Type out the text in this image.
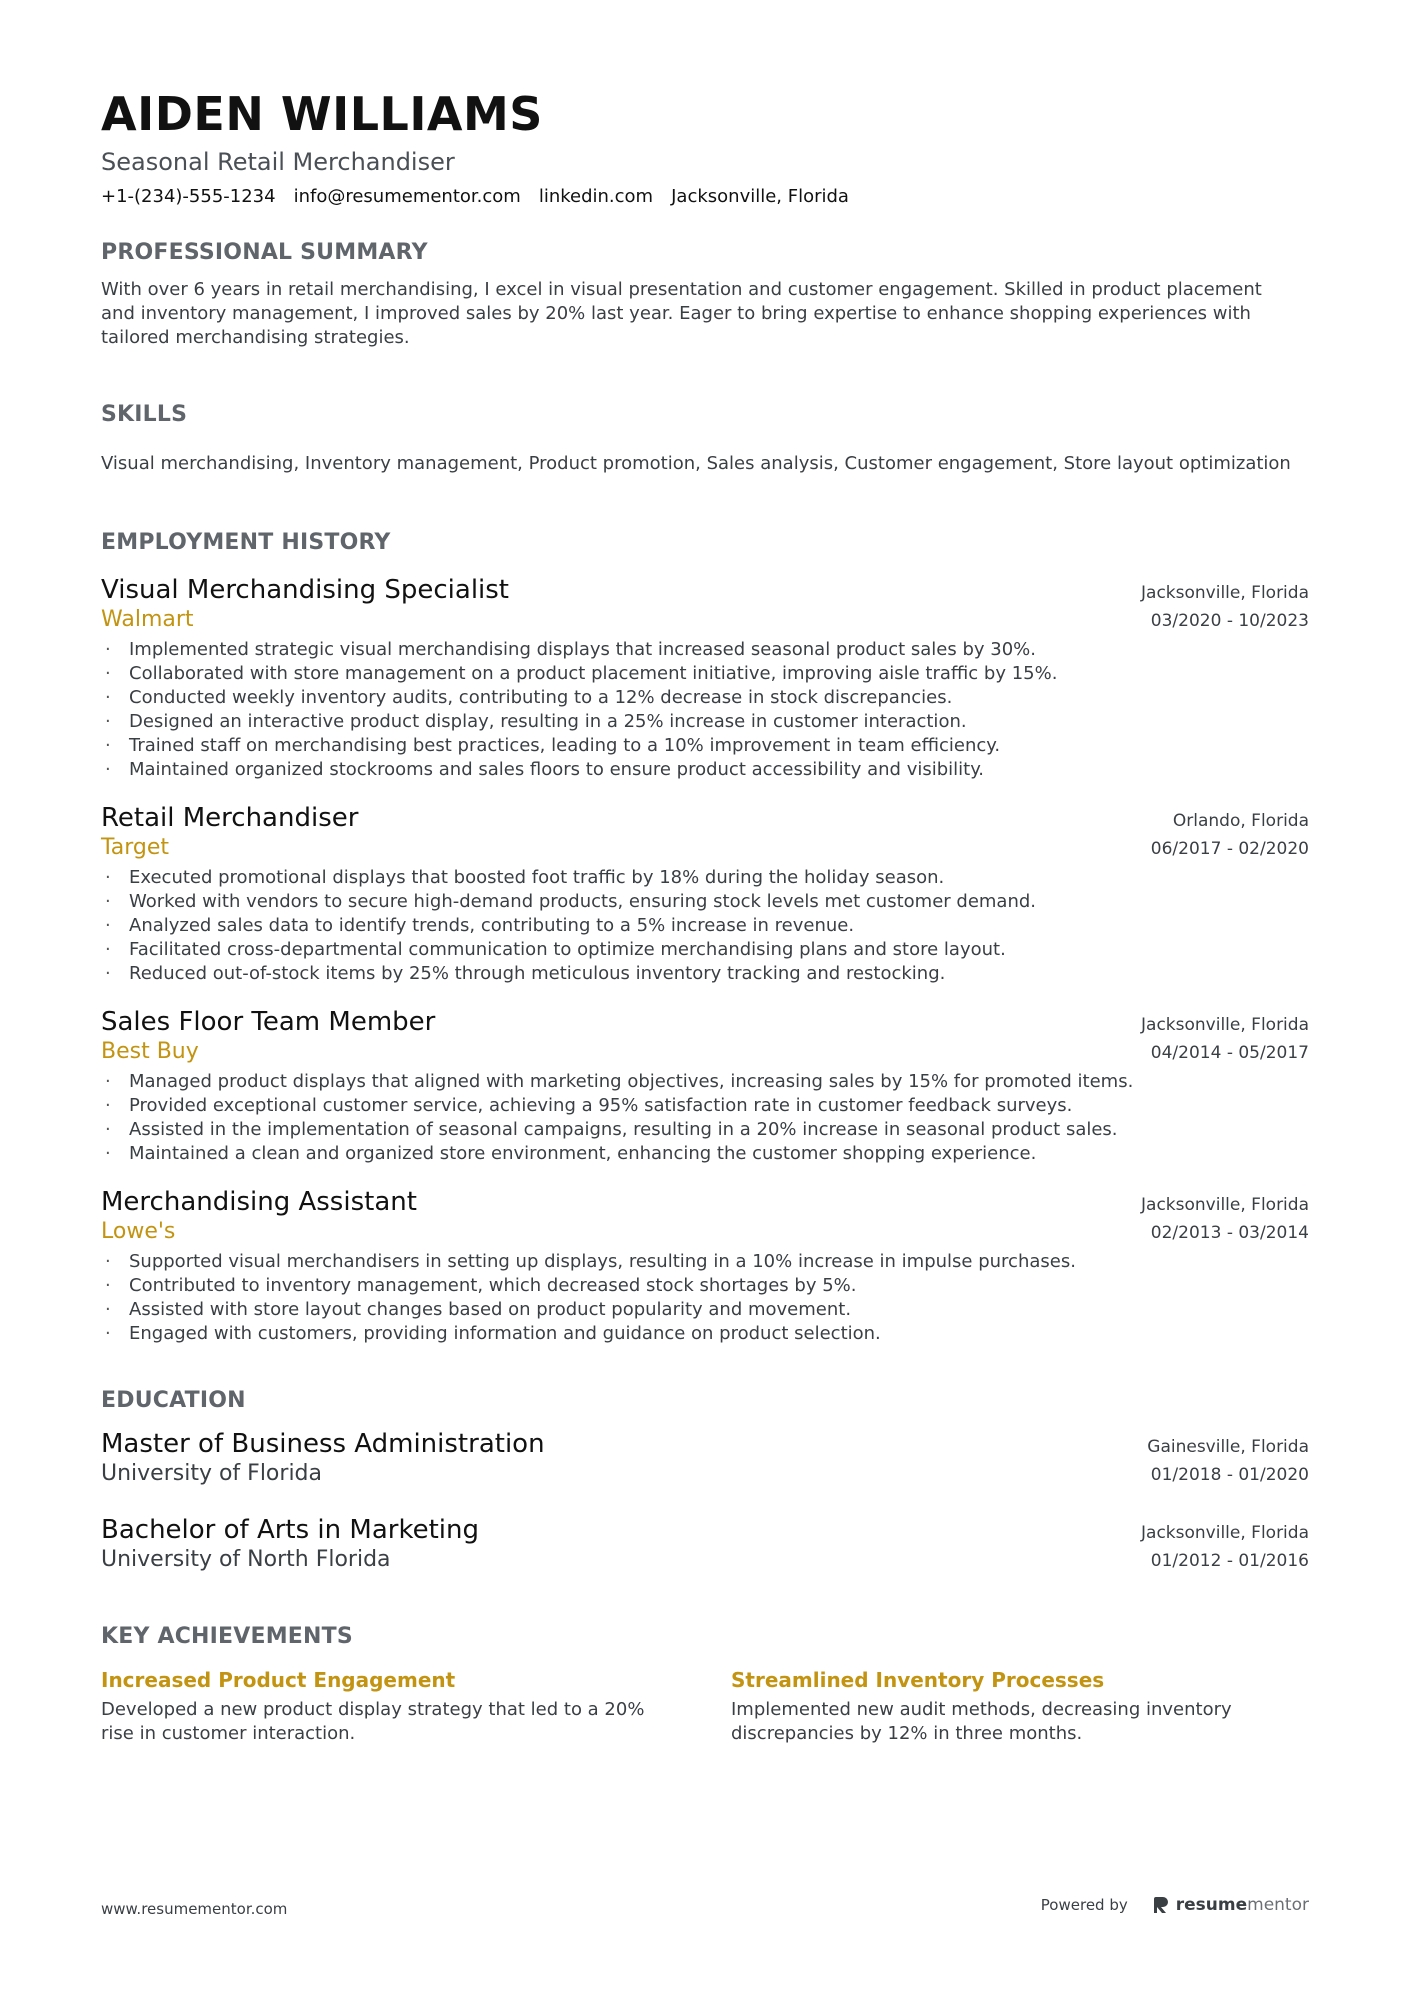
AIDEN WILLIAMS
Seasonal Retail Merchandiser
+1-(234)-555-1234 info@resumementor.com linkedin.com Jacksonville, Florida
PROFESSIONAL SUMMARY
With over 6 years in retail merchandising, I excel in visual presentation and customer engagement. Skilled in product placement and inventory management, I improved sales by 20% last year. Eager to bring expertise to enhance shopping experiences with tailored merchandising strategies.
SKILLS
Visual merchandising, Inventory management, Product promotion, Sales analysis, Customer engagement, Store layout optimization
EMPLOYMENT HISTORY
Visual Merchandising Specialist	Jacksonville, Florida
Walmart	03/2020 - 10/2023
· Implemented strategic visual merchandising displays that increased seasonal product sales by 30%.
· Collaborated with store management on a product placement initiative, improving aisle traffic by 15%.
· Conducted weekly inventory audits, contributing to a 12% decrease in stock discrepancies.
· Designed an interactive product display, resulting in a 25% increase in customer interaction.
· Trained staff on merchandising best practices, leading to a 10% improvement in team efficiency.
· Maintained organized stockrooms and sales floors to ensure product accessibility and visibility.
Retail Merchandiser	Orlando, Florida
Target	06/2017 - 02/2020
· Executed promotional displays that boosted foot traffic by 18% during the holiday season.
· Worked with vendors to secure high-demand products, ensuring stock levels met customer demand.
· Analyzed sales data to identify trends, contributing to a 5% increase in revenue.
· Facilitated cross-departmental communication to optimize merchandising plans and store layout.
· Reduced out-of-stock items by 25% through meticulous inventory tracking and restocking.
Sales Floor Team Member	Jacksonville, Florida
Best Buy	04/2014 - 05/2017
· Managed product displays that aligned with marketing objectives, increasing sales by 15% for promoted items.
· Provided exceptional customer service, achieving a 95% satisfaction rate in customer feedback surveys.
· Assisted in the implementation of seasonal campaigns, resulting in a 20% increase in seasonal product sales.
· Maintained a clean and organized store environment, enhancing the customer shopping experience.
Merchandising Assistant	Jacksonville, Florida
Lowe's	02/2013 - 03/2014
· Supported visual merchandisers in setting up displays, resulting in a 10% increase in impulse purchases.
· Contributed to inventory management, which decreased stock shortages by 5%.
· Assisted with store layout changes based on product popularity and movement.
· Engaged with customers, providing information and guidance on product selection.
EDUCATION
Master of Business Administration	Gainesville, Florida
University of Florida	01/2018 - 01/2020
Bachelor of Arts in Marketing	Jacksonville, Florida
University of North Florida	01/2012 - 01/2016
KEY ACHIEVEMENTS
Increased Product Engagement
Developed a new product display strategy that led to a 20% rise in customer interaction.
Streamlined Inventory Processes
Implemented new audit methods, decreasing inventory discrepancies by 12% in three months.
www.resumementor.com	Powered by	resumementor
